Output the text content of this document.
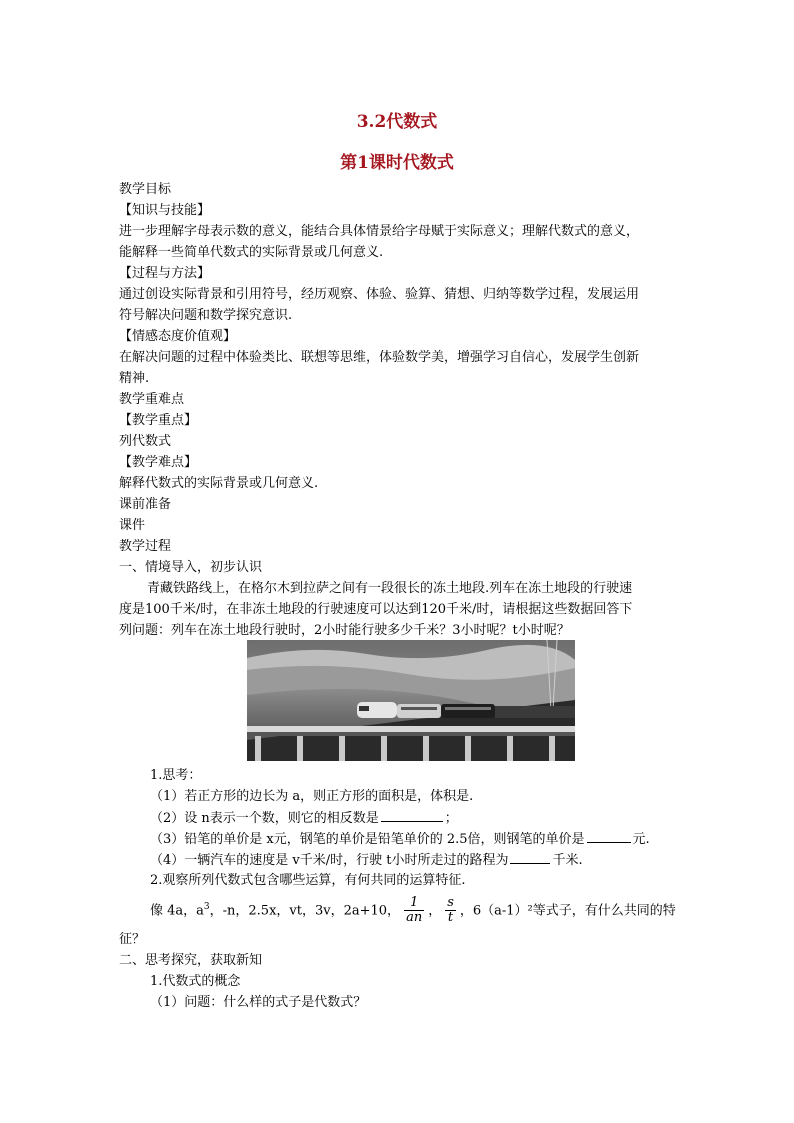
3.2代数式
第1课时代数式
教学目标
【知识与技能】
进一步理解字母表示数的意义，能结合具体情景给字母赋于实际意义；理解代数式的意义，
能解释一些简单代数式的实际背景或几何意义.
【过程与方法】
通过创设实际背景和引用符号，经历观察、体验、验算、猜想、归纳等数学过程，发展运用
符号解决问题和数学探究意识.
【情感态度价值观】
在解决问题的过程中体验类比、联想等思维，体验数学美，增强学习自信心，发展学生创新
精神.
教学重难点
【教学重点】
列代数式
【教学难点】
解释代数式的实际背景或几何意义.
课前准备
课件
教学过程
一、情境导入，初步认识
青藏铁路线上，在格尔木到拉萨之间有一段很长的冻土地段.列车在冻土地段的行驶速
度是100千米/时，在非冻土地段的行驶速度可以达到120千米/时，请根据这些数据回答下
列问题：列车在冻土地段行驶时，2小时能行驶多少千米？3小时呢？t小时呢？
1.思考：
（1）若正方形的边长为 a，则正方形的面积是，体积是.
（2）设 n表示一个数，则它的相反数是	；
（3）铅笔的单价是 x元，钢笔的单价是铅笔单价的 2.5倍，则钢笔的单价是	元.
（4）一辆汽车的速度是 v千米/时，行驶 t小时所走过的路程为	千米.
2.观察所列代数式包含哪些运算，有何共同的运算特征.
像 4a，$a^3$，-n，2.5x，vt，3v，2a+10， $\frac{1}{an}$ ， $\frac{s}{t}$ ，6（a-1）²等式子，有什么共同的特
征？
二、思考探究，获取新知
1.代数式的概念
（1）问题：什么样的式子是代数式？
